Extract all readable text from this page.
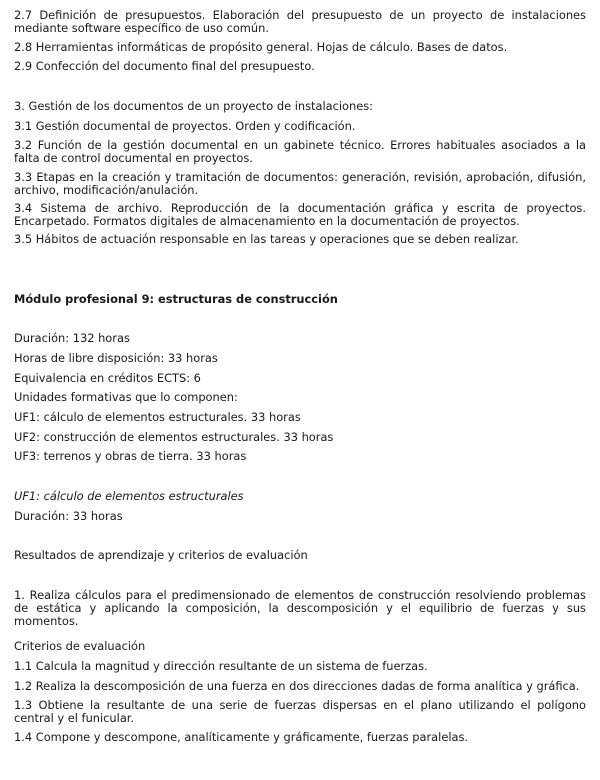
2.7 Definición de presupuestos. Elaboración del presupuesto de un proyecto de instalaciones mediante software específico de uso común.

2.8 Herramientas informáticas de propósito general. Hojas de cálculo. Bases de datos.

2.9 Confección del documento final del presupuesto.

3. Gestión de los documentos de un proyecto de instalaciones:

3.1 Gestión documental de proyectos. Orden y codificación.

3.2 Función de la gestión documental en un gabinete técnico. Errores habituales asociados a la falta de control documental en proyectos.

3.3 Etapas en la creación y tramitación de documentos: generación, revisión, aprobación, difusión, archivo, modificación/anulación.

3.4 Sistema de archivo. Reproducción de la documentación gráfica y escrita de proyectos. Encarpetado. Formatos digitales de almacenamiento en la documentación de proyectos.

3.5 Hábitos de actuación responsable en las tareas y operaciones que se deben realizar.

Módulo profesional 9: estructuras de construcción

Duración: 132 horas

Horas de libre disposición: 33 horas

Equivalencia en créditos ECTS: 6

Unidades formativas que lo componen:

UF1: cálculo de elementos estructurales. 33 horas

UF2: construcción de elementos estructurales. 33 horas

UF3: terrenos y obras de tierra. 33 horas

UF1: cálculo de elementos estructurales

Duración: 33 horas

Resultados de aprendizaje y criterios de evaluación

1. Realiza cálculos para el predimensionado de elementos de construcción resolviendo problemas de estática y aplicando la composición, la descomposición y el equilibrio de fuerzas y sus momentos.

Criterios de evaluación

1.1 Calcula la magnitud y dirección resultante de un sistema de fuerzas.

1.2 Realiza la descomposición de una fuerza en dos direcciones dadas de forma analítica y gráfica.

1.3 Obtiene la resultante de una serie de fuerzas dispersas en el plano utilizando el polígono central y el funicular.

1.4 Compone y descompone, analíticamente y gráficamente, fuerzas paralelas.
